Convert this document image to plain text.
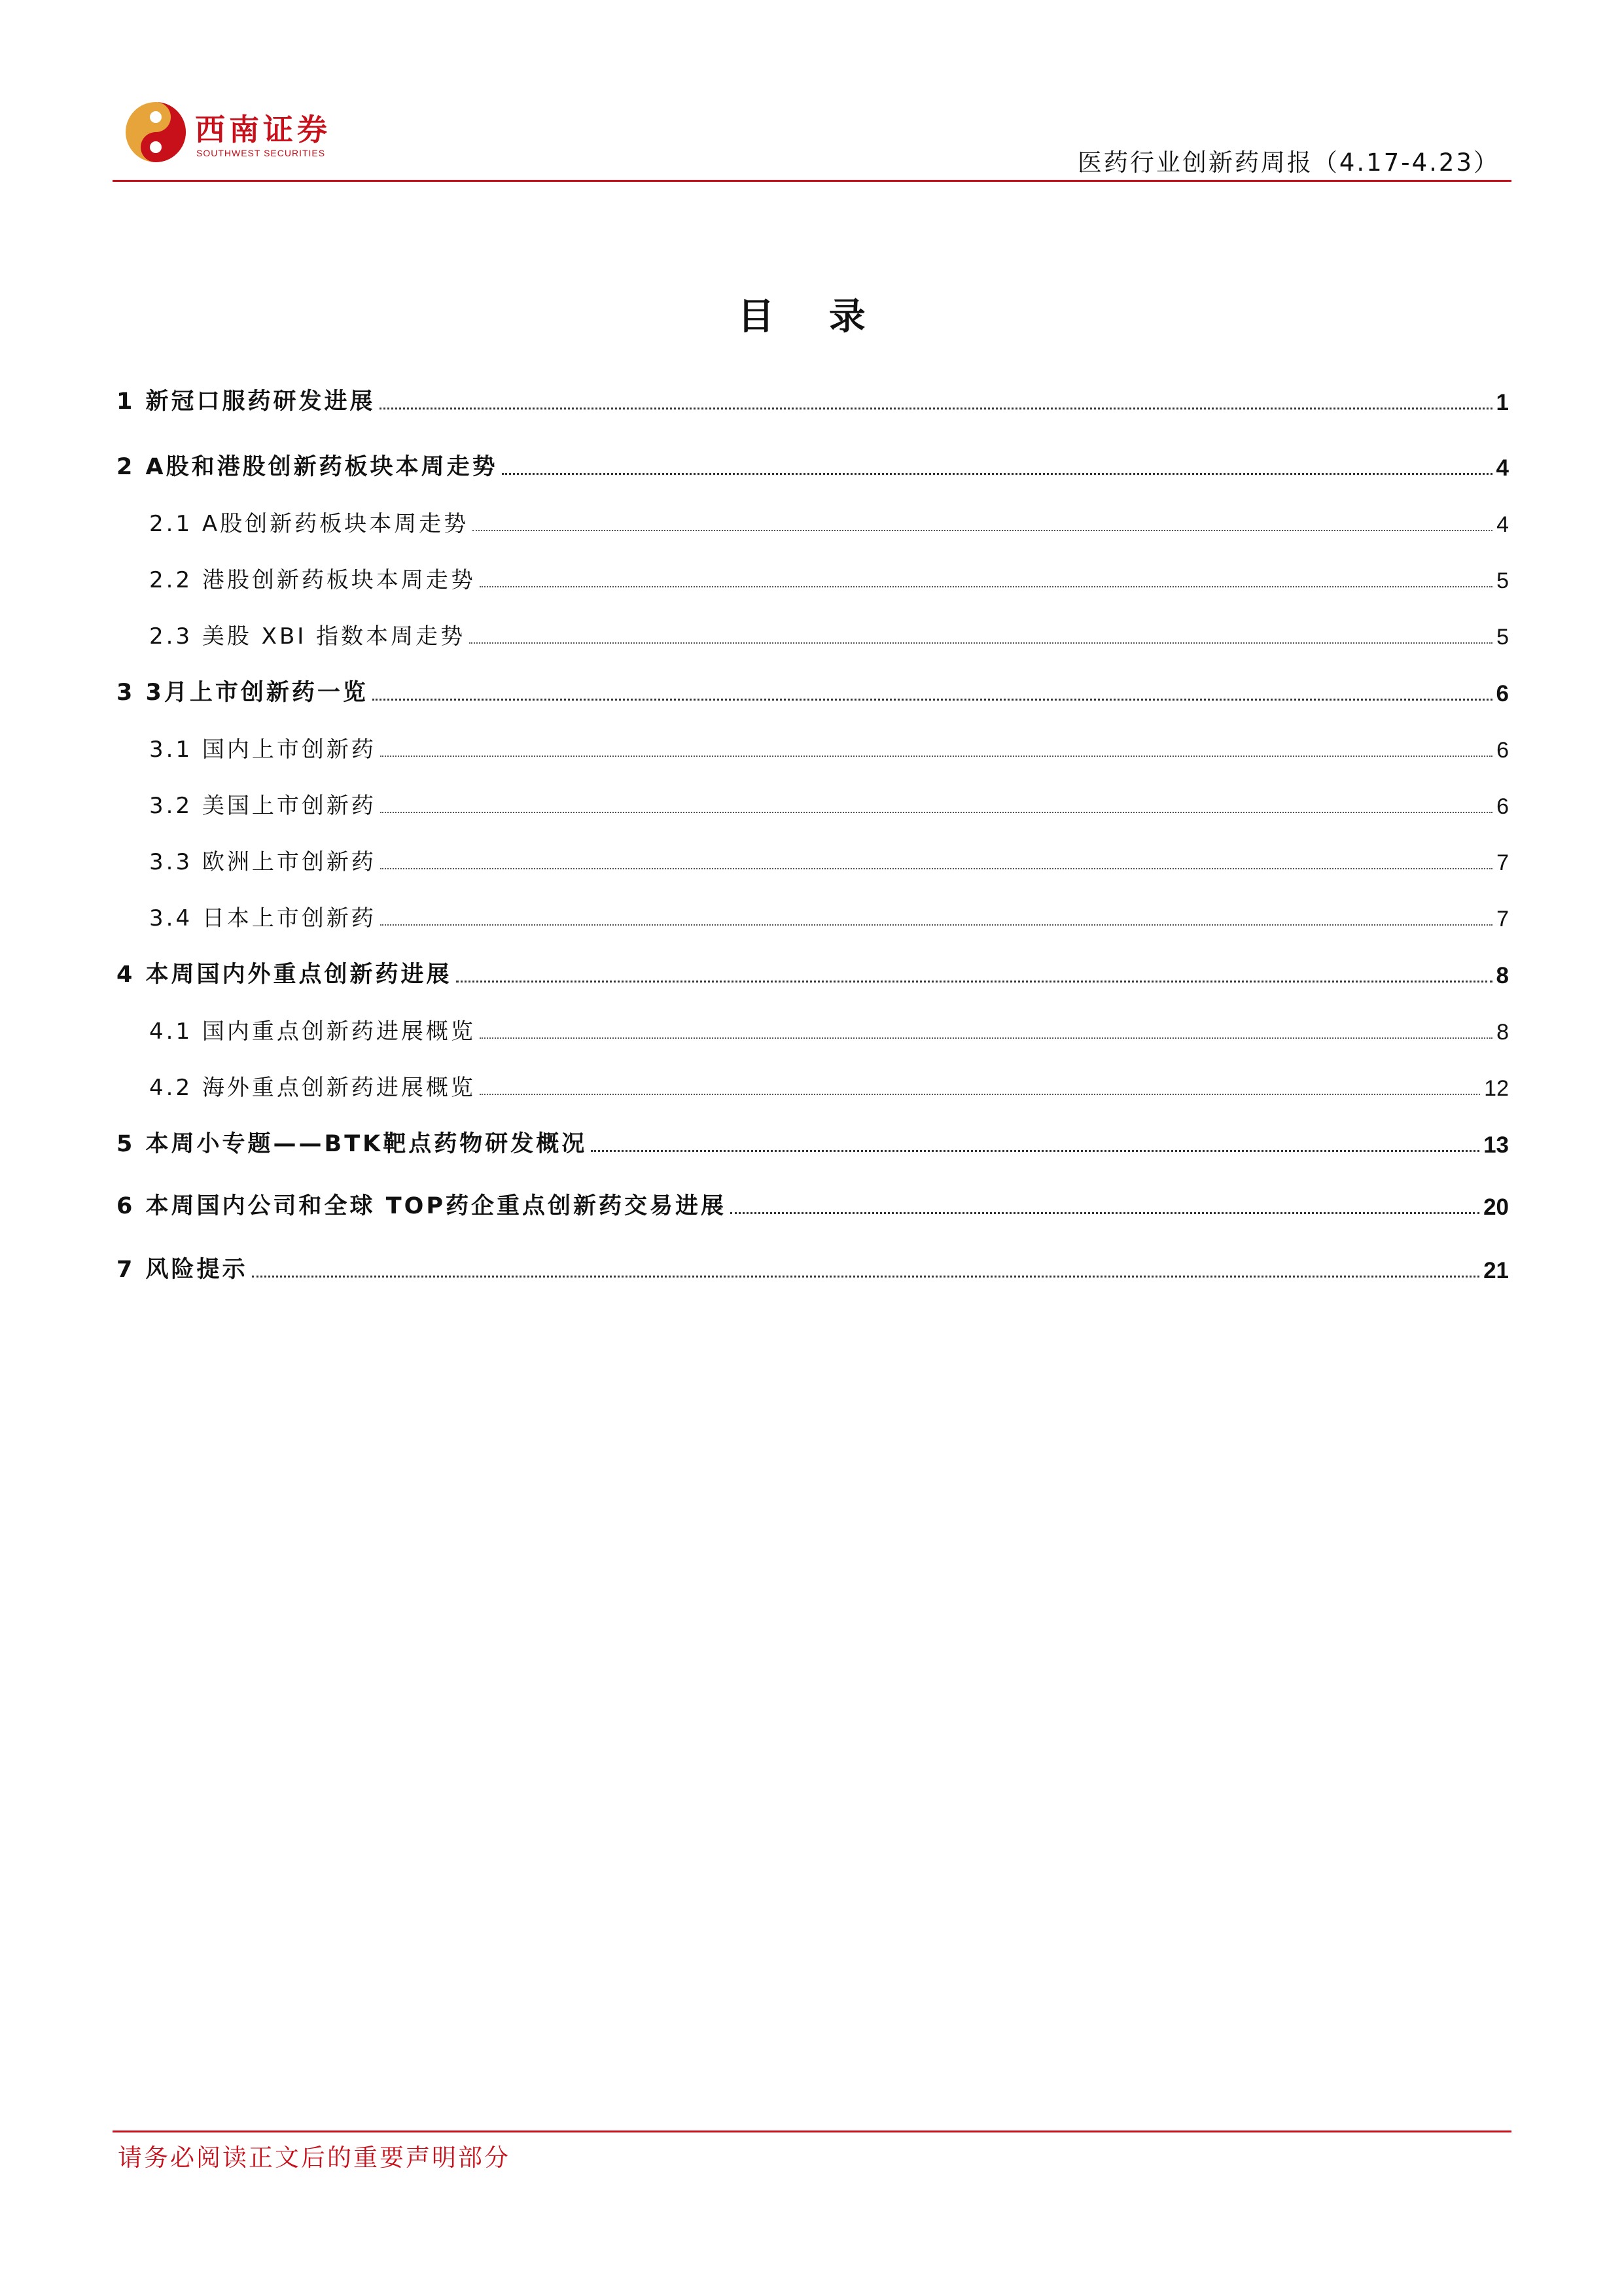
西南证券
SOUTHWEST SECURITIES	医药行业创新药周报（4.17-4.23）
目 录
1 新冠口服药研发进展	1
2 A股和港股创新药板块本周走势	4
2.1 A股创新药板块本周走势	4
2.2 港股创新药板块本周走势	5
2.3 美股 XBI 指数本周走势	5
3 3月上市创新药一览	6
3.1 国内上市创新药	6
3.2 美国上市创新药	6
3.3 欧洲上市创新药	7
3.4 日本上市创新药	7
4 本周国内外重点创新药进展	8
4.1 国内重点创新药进展概览	8
4.2 海外重点创新药进展概览	12
5 本周小专题——BTK靶点药物研发概况	13
6 本周国内公司和全球 TOP药企重点创新药交易进展	20
7 风险提示	21
请务必阅读正文后的重要声明部分
